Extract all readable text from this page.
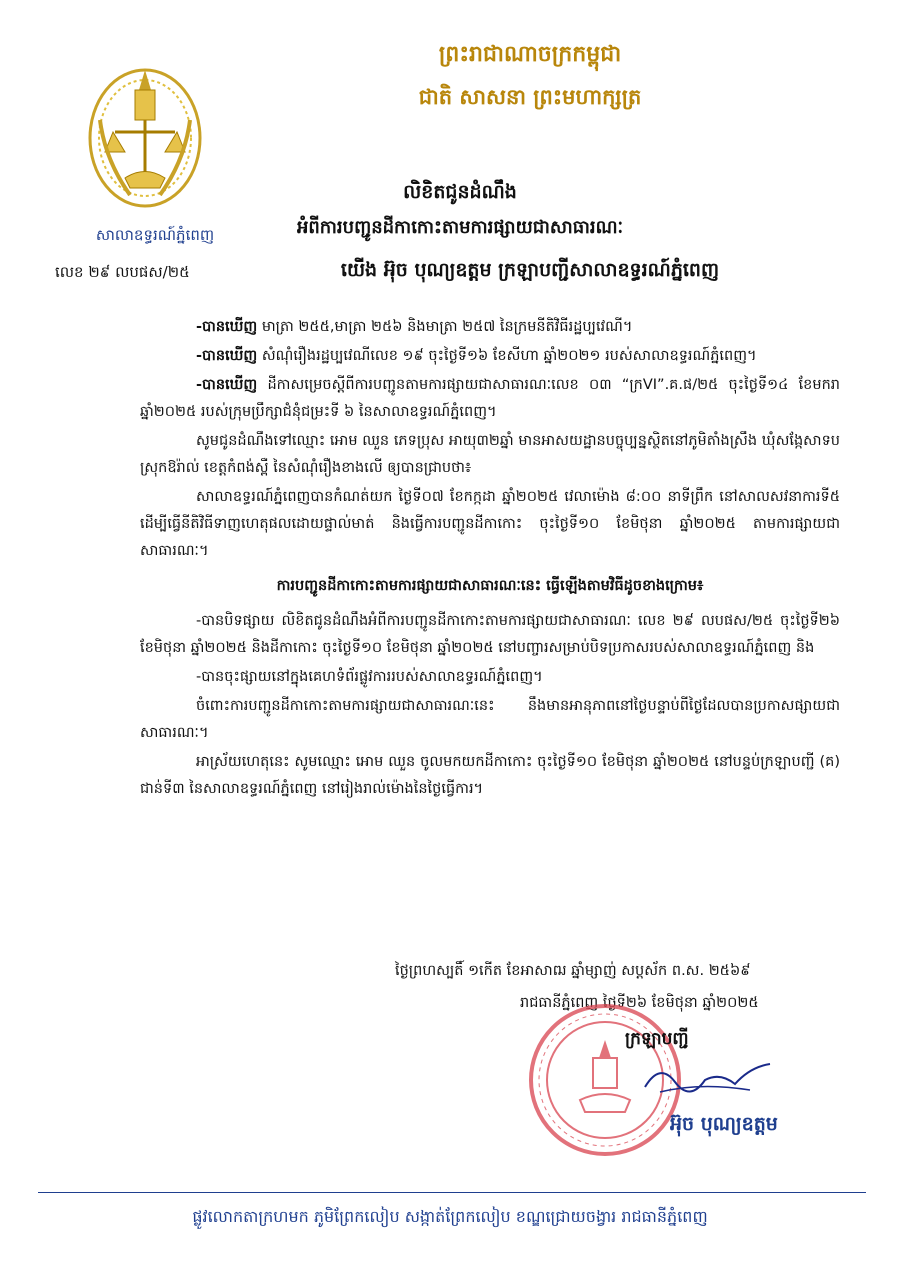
ព្រះរាជាណាចក្រកម្ពុជា
ជាតិ សាសនា ព្រះមហាក្សត្រ
សាលាឧទ្ធរណ៍ភ្នំពេញ
លេខ ២៩ លបផស/២៥
លិខិតជូនដំណឹង
អំពីការបញ្ជូនដីកាកោះតាមការផ្សាយជាសាធារណៈ
យើង អ៊ុច បុណ្យឧត្តម ក្រឡាបញ្ជីសាលាឧទ្ធរណ៍ភ្នំពេញ

-បានឃើញ មាត្រា ២៥៥,មាត្រា ២៥៦ និងមាត្រា ២៥៧ នៃក្រមនីតិវិធីរដ្ឋប្បវេណី។

-បានឃើញ សំណុំរឿងរដ្ឋប្បវេណីលេខ ១៩ ចុះថ្ងៃទី១៦ ខែសីហា ឆ្នាំ២០២១ របស់សាលាឧទ្ធរណ៍ភ្នំពេញ។

-បានឃើញ ដីកាសម្រេចស្តីពីការបញ្ជូនតាមការផ្សាយជាសាធារណៈលេខ ០៣ “ក្រVI”.គ.ផ/២៥ ចុះថ្ងៃទី១៤ ខែមករា ឆ្នាំ២០២៥ របស់ក្រុមប្រឹក្សាជំនុំជម្រះទី ៦ នៃសាលាឧទ្ធរណ៍ភ្នំពេញ។

សូមជូនដំណឹងទៅឈ្មោះ អោម ឈួន ភេទប្រុស អាយុ៣២ឆ្នាំ មានអាសយដ្ឋានបច្ចុប្បន្នស្ថិតនៅភូមិតាំងស្រឹង ឃុំសង្កែសាទប ស្រុកឱរ៉ាល់ ខេត្តកំពង់ស្ពឺ នៃសំណុំរឿងខាងលើ ឲ្យបានជ្រាបថា៖

សាលាឧទ្ធរណ៍ភ្នំពេញបានកំណត់យក ថ្ងៃទី០៧ ខែកក្កដា ឆ្នាំ២០២៥ វេលាម៉ោង ៨:០០ នាទីព្រឹក នៅសាលសវនាការទី៥ ដើម្បីធ្វើនីតិវិធីទាញហេតុផលដោយផ្ទាល់មាត់ និងធ្វើការបញ្ជូនដីកាកោះ ចុះថ្ងៃទី១០ ខែមិថុនា ឆ្នាំ២០២៥ តាមការផ្សាយជាសាធារណៈ។

ការបញ្ជូនដីកាកោះតាមការផ្សាយជាសាធារណៈនេះ ធ្វើឡើងតាមវិធីដូចខាងក្រោម៖

-បានបិទផ្សាយ លិខិតជូនដំណឹងអំពីការបញ្ជូនដីកាកោះតាមការផ្សាយជាសាធារណៈ លេខ ២៩ លបផស/២៥ ចុះថ្ងៃទី២៦ ខែមិថុនា ឆ្នាំ២០២៥ និងដីកាកោះ ចុះថ្ងៃទី១០ ខែមិថុនា ឆ្នាំ២០២៥ នៅបញ្ចារសម្រាប់បិទប្រកាសរបស់សាលាឧទ្ធរណ៍ភ្នំពេញ និង

-បានចុះផ្សាយនៅក្នុងគេហទំព័រផ្លូវការរបស់សាលាឧទ្ធរណ៍ភ្នំពេញ។

ចំពោះការបញ្ជូនដីកាកោះតាមការផ្សាយជាសាធារណៈនេះ នឹងមានអានុភាពនៅថ្ងៃបន្ទាប់ពីថ្ងៃដែលបានប្រកាសផ្សាយជាសាធារណៈ។

អាស្រ័យហេតុនេះ សូមឈ្មោះ អោម ឈួន ចូលមកយកដីកាកោះ ចុះថ្ងៃទី១០ ខែមិថុនា ឆ្នាំ២០២៥ នៅបន្ទប់ក្រឡាបញ្ជី (គ) ជាន់ទី៣ នៃសាលាឧទ្ធរណ៍ភ្នំពេញ នៅរៀងរាល់ម៉ោងនៃថ្ងៃធ្វើការ។

ថ្ងៃព្រហស្បតិ៍ ១កើត ខែអាសាឍ ឆ្នាំម្សាញ់ សប្តស័ក ព.ស. ២៥៦៩
រាជធានីភ្នំពេញ ថ្ងៃទី២៦ ខែមិថុនា ឆ្នាំ២០២៥
ក្រឡាបញ្ជី
អ៊ុច បុណ្យឧត្តម
ផ្លូវលោកតាក្រហមក ភូមិព្រែកលៀប សង្កាត់ព្រែកលៀប ខណ្ឌជ្រោយចង្វារ រាជធានីភ្នំពេញ
